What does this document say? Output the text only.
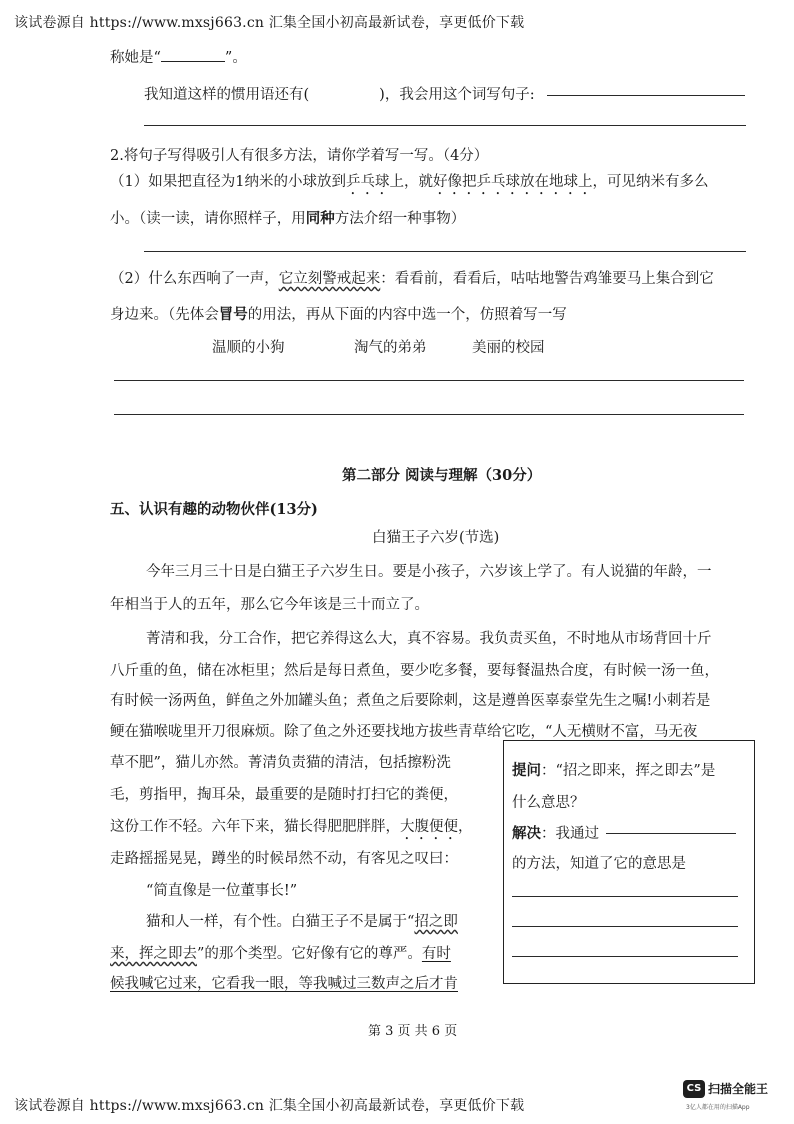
该试卷源自 https://www.mxsj663.cn 汇集全国小初高最新试卷，享更低价下载
称她是“	”。
我知道这样的惯用语还有(	)，我会用这个词写句子:
2.将句子写得吸引人有很多方法，请你学着写一写。（4分）
（1）如果把直径为1纳米的小球放到乒乓球上，就好像把乒乓球放在地球上，可见纳米有多么
小。（读一读，请你照样子，用同种方法介绍一种事物）
（2）什么东西响了一声，它立刻警戒起来：看看前，看看后，咕咕地警告鸡雏要马上集合到它
身边来。（先体会冒号的用法，再从下面的内容中选一个，仿照着写一写
温顺的小狗	淘气的弟弟	美丽的校园
第二部分 阅读与理解（30分）
五、认识有趣的动物伙伴(13分)
白猫王子六岁(节选)
今年三月三十日是白猫王子六岁生日。要是小孩子，六岁该上学了。有人说猫的年龄，一
年相当于人的五年，那么它今年该是三十而立了。
菁清和我，分工合作，把它养得这么大，真不容易。我负责买鱼，不时地从市场背回十斤
八斤重的鱼，储在冰柜里；然后是每日煮鱼，要少吃多餐，要每餐温热合度，有时候一汤一鱼，
有时候一汤两鱼，鲜鱼之外加罐头鱼；煮鱼之后要除刺，这是遵兽医辜泰堂先生之嘱!小刺若是
鲠在猫喉咙里开刀很麻烦。除了鱼之外还要找地方拔些青草给它吃，“人无横财不富，马无夜
草不肥”，猫儿亦然。菁清负责猫的清洁，包括擦粉洗
毛，剪指甲，掏耳朵，最重要的是随时打扫它的粪便，
这份工作不轻。六年下来，猫长得肥肥胖胖，大腹便便，
走路摇摇晃晃，蹲坐的时候昂然不动，有客见之叹曰：
“简直像是一位董事长!”
猫和人一样，有个性。白猫王子不是属于“招之即
来，挥之即去”的那个类型。它好像有它的尊严。有时
候我喊它过来，它看我一眼，等我喊过三数声之后才肯
提问：“招之即来，挥之即去”是
什么意思？
解决：我通过
的方法，知道了它的意思是
第 3 页 共 6 页
该试卷源自 https://www.mxsj663.cn 汇集全国小初高最新试卷，享更低价下载
CS 扫描全能王
3亿人都在用的扫描App
